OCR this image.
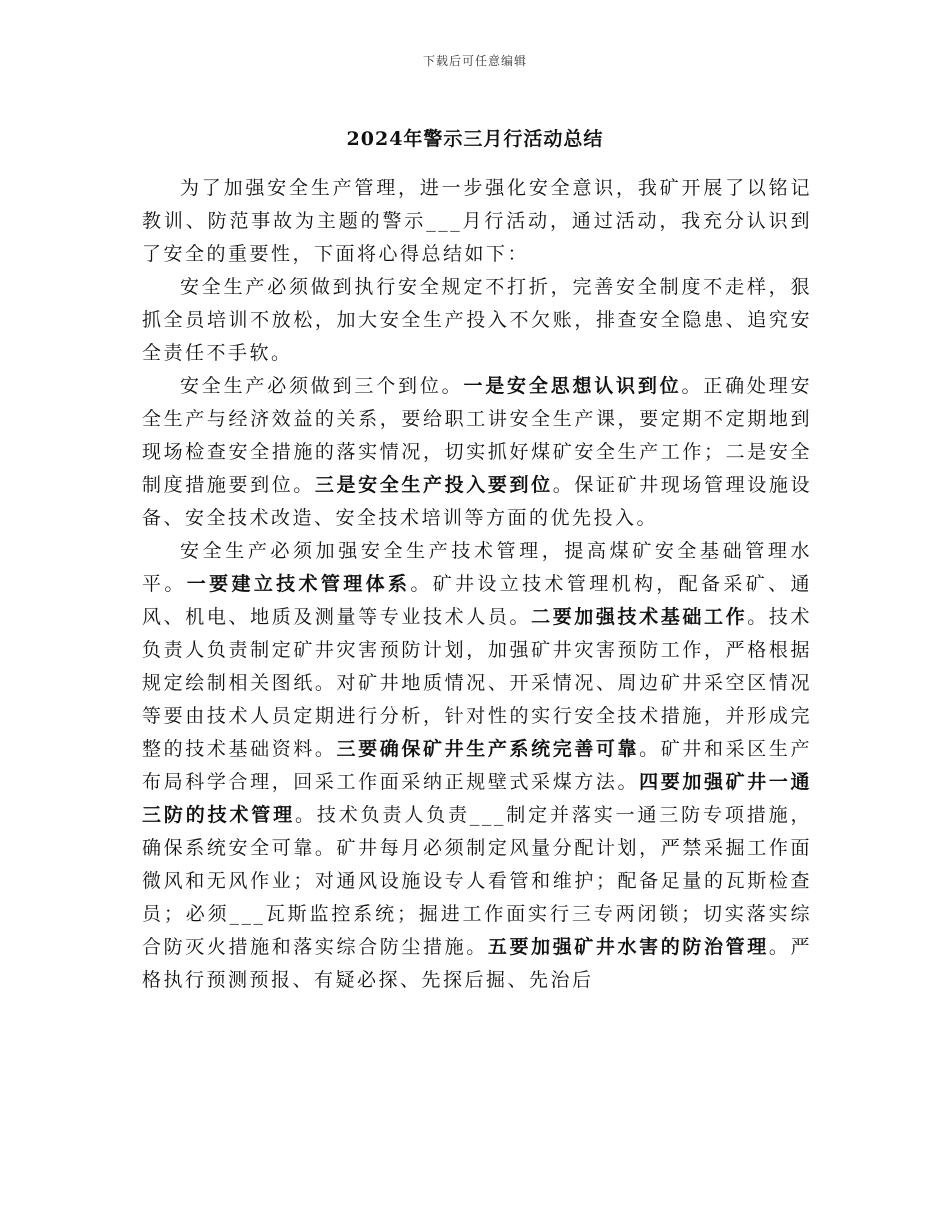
下载后可任意编辑
2024年警示三月行活动总结

为了加强安全生产管理，进一步强化安全意识，我矿开展了以铭记教训、防范事故为主题的警示___月行活动，通过活动，我充分认识到了安全的重要性，下面将心得总结如下：

安全生产必须做到执行安全规定不打折，完善安全制度不走样，狠抓全员培训不放松，加大安全生产投入不欠账，排查安全隐患、追究安全责任不手软。

安全生产必须做到三个到位。一是安全思想认识到位。正确处理安全生产与经济效益的关系，要给职工讲安全生产课，要定期不定期地到现场检查安全措施的落实情况，切实抓好煤矿安全生产工作；二是安全制度措施要到位。三是安全生产投入要到位。保证矿井现场管理设施设备、安全技术改造、安全技术培训等方面的优先投入。

安全生产必须加强安全生产技术管理，提高煤矿安全基础管理水平。一要建立技术管理体系。矿井设立技术管理机构，配备采矿、通风、机电、地质及测量等专业技术人员。二要加强技术基础工作。技术负责人负责制定矿井灾害预防计划，加强矿井灾害预防工作，严格根据规定绘制相关图纸。对矿井地质情况、开采情况、周边矿井采空区情况等要由技术人员定期进行分析，针对性的实行安全技术措施，并形成完整的技术基础资料。三要确保矿井生产系统完善可靠。矿井和采区生产布局科学合理，回采工作面采纳正规壁式采煤方法。四要加强矿井一通三防的技术管理。技术负责人负责___制定并落实一通三防专项措施，确保系统安全可靠。矿井每月必须制定风量分配计划，严禁采掘工作面微风和无风作业；对通风设施设专人看管和维护；配备足量的瓦斯检查员；必须___瓦斯监控系统；掘进工作面实行三专两闭锁；切实落实综合防灭火措施和落实综合防尘措施。五要加强矿井水害的防治管理。严格执行预测预报、有疑必探、先探后掘、先治后
